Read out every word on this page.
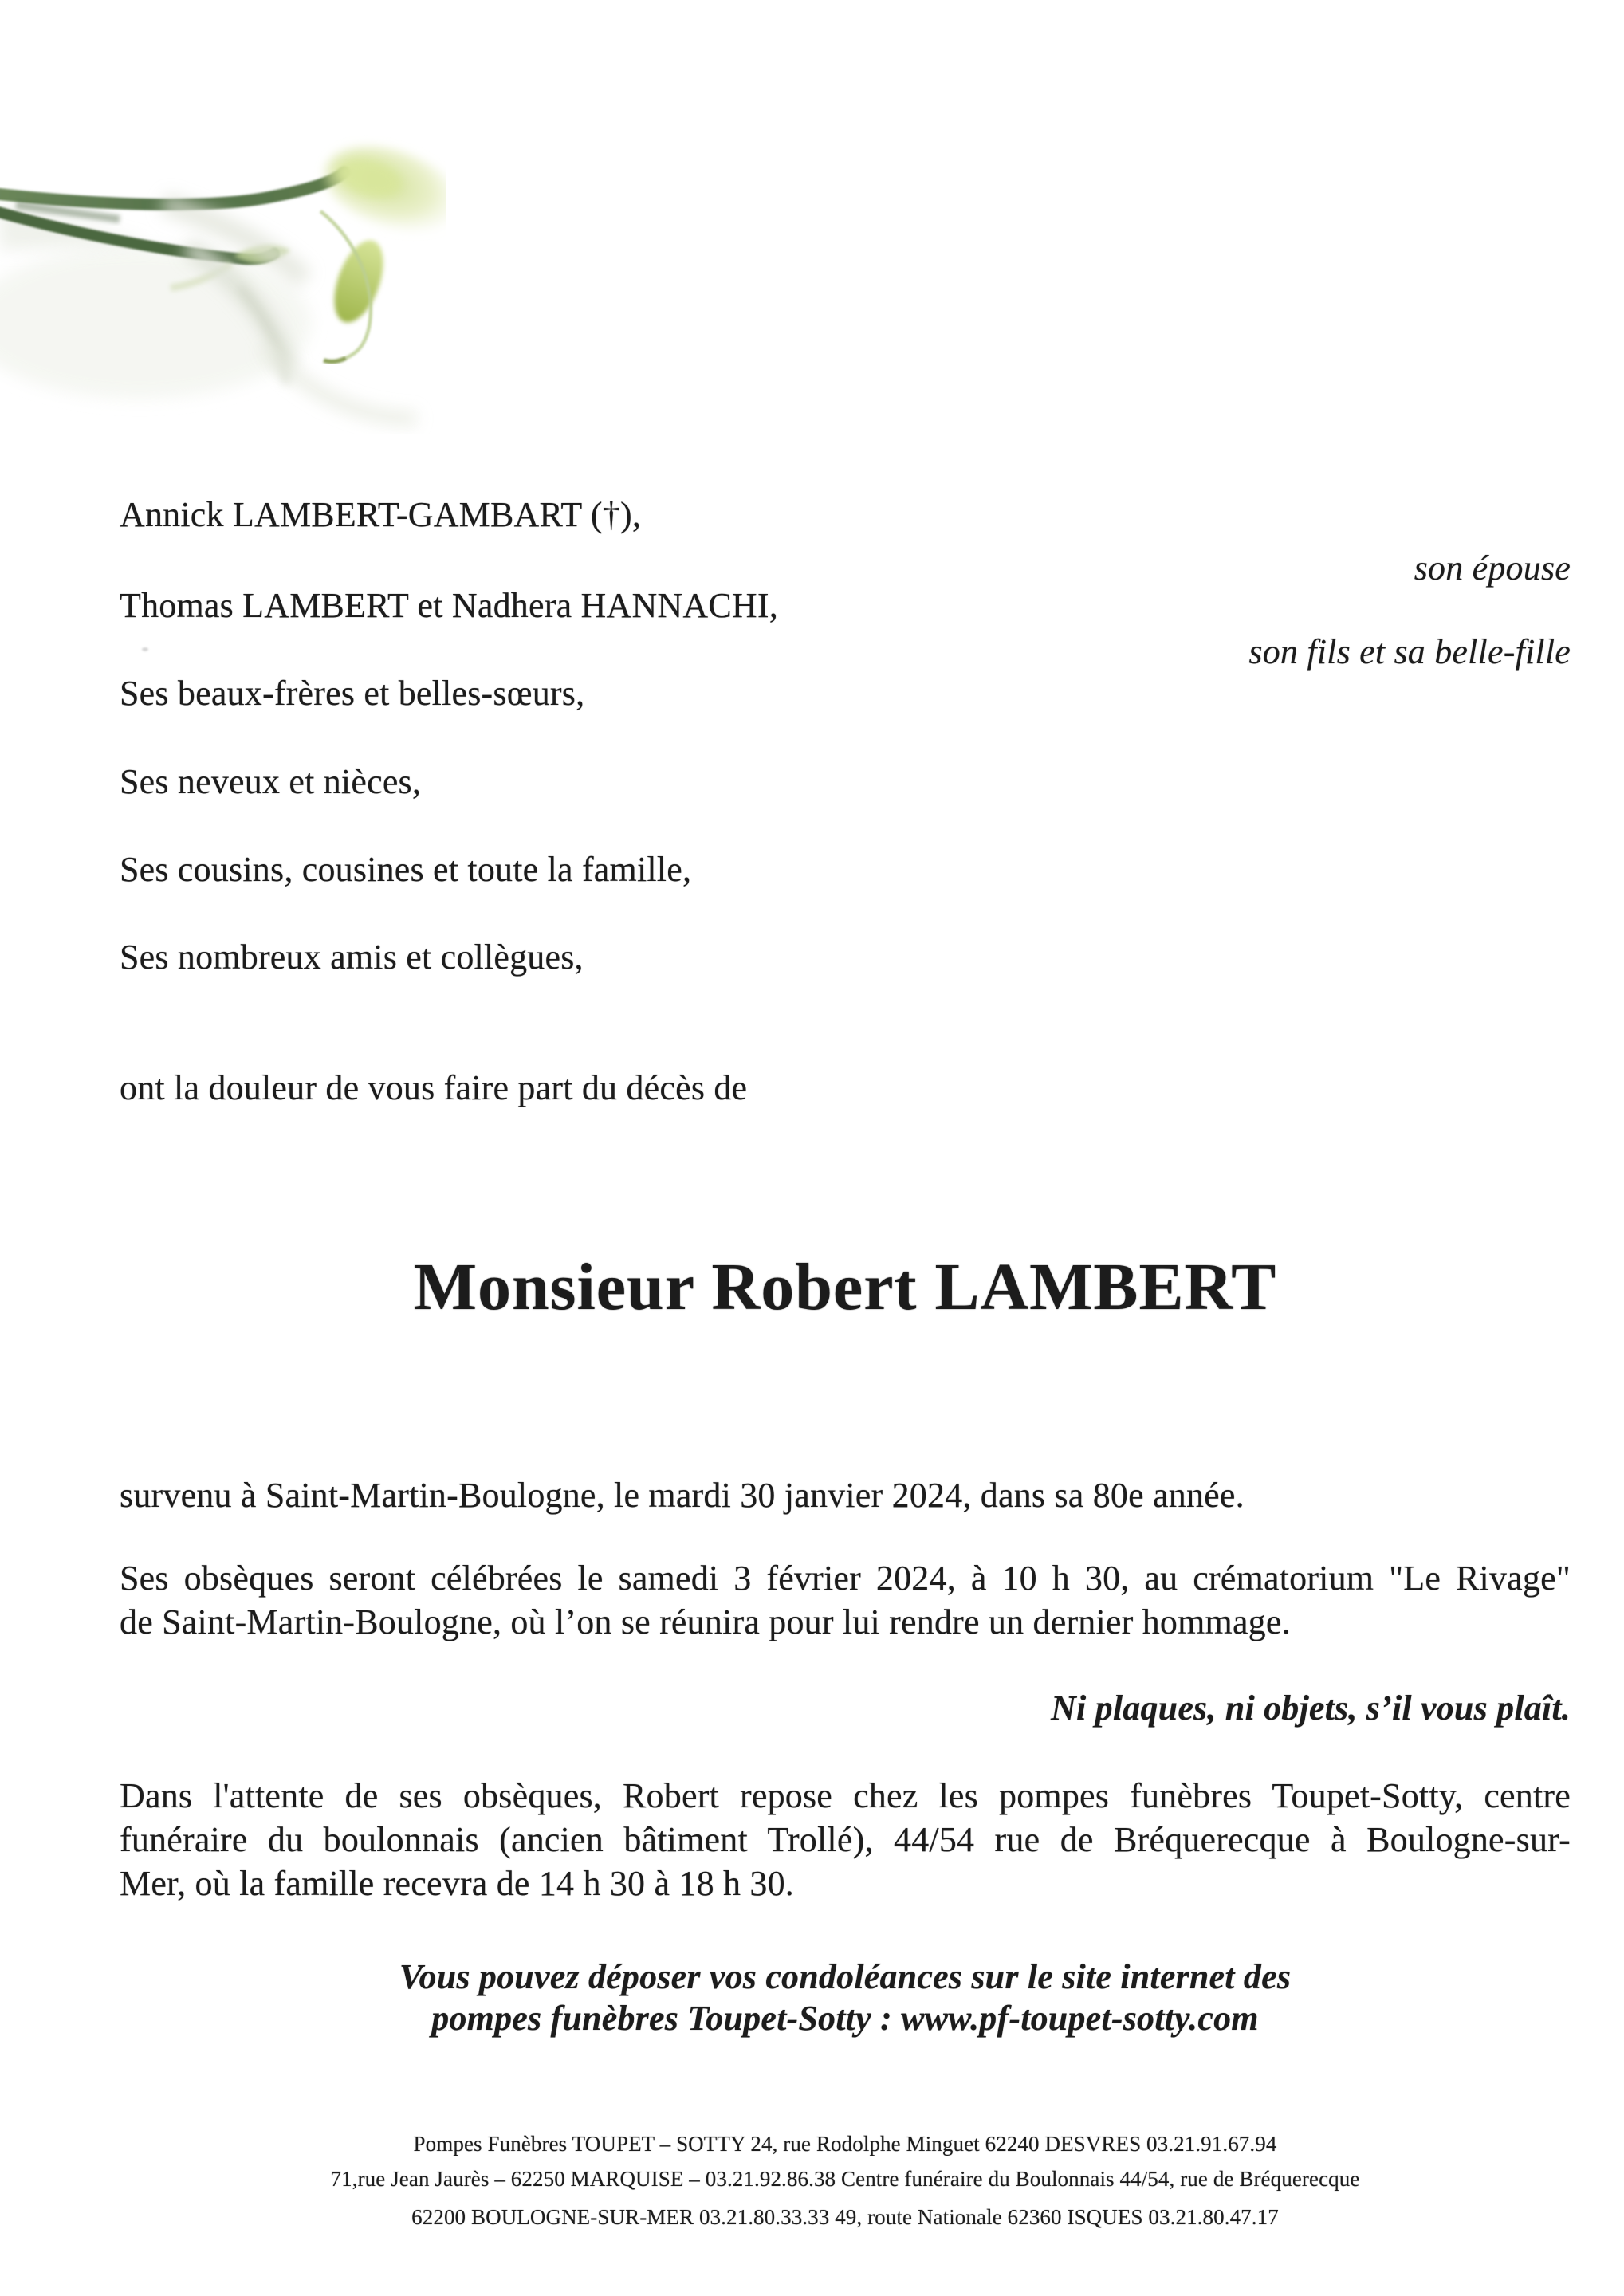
Annick LAMBERT-GAMBART (†),
son épouse
Thomas LAMBERT et Nadhera HANNACHI,
son fils et sa belle-fille
Ses beaux-frères et belles-sœurs,
Ses neveux et nièces,
Ses cousins, cousines et toute la famille,
Ses nombreux amis et collègues,
ont la douleur de vous faire part du décès de
Monsieur Robert LAMBERT
survenu à Saint-Martin-Boulogne, le mardi 30 janvier 2024, dans sa 80e année.
Ses obsèques seront célébrées le samedi 3 février 2024, à 10 h 30, au crématorium "Le Rivage"
de Saint-Martin-Boulogne, où l’on se réunira pour lui rendre un dernier hommage.
Ni plaques, ni objets, s’il vous plaît.
Dans l'attente de ses obsèques, Robert repose chez les pompes funèbres Toupet-Sotty, centre
funéraire du boulonnais (ancien bâtiment Trollé), 44/54 rue de Bréquerecque à Boulogne-sur-
Mer, où la famille recevra de 14 h 30 à 18 h 30.
Vous pouvez déposer vos condoléances sur le site internet des
pompes funèbres Toupet-Sotty : www.pf-toupet-sotty.com
Pompes Funèbres TOUPET – SOTTY 24, rue Rodolphe Minguet 62240 DESVRES 03.21.91.67.94
71,rue Jean Jaurès – 62250 MARQUISE – 03.21.92.86.38 Centre funéraire du Boulonnais 44/54, rue de Bréquerecque
62200 BOULOGNE-SUR-MER 03.21.80.33.33 49, route Nationale 62360 ISQUES 03.21.80.47.17
